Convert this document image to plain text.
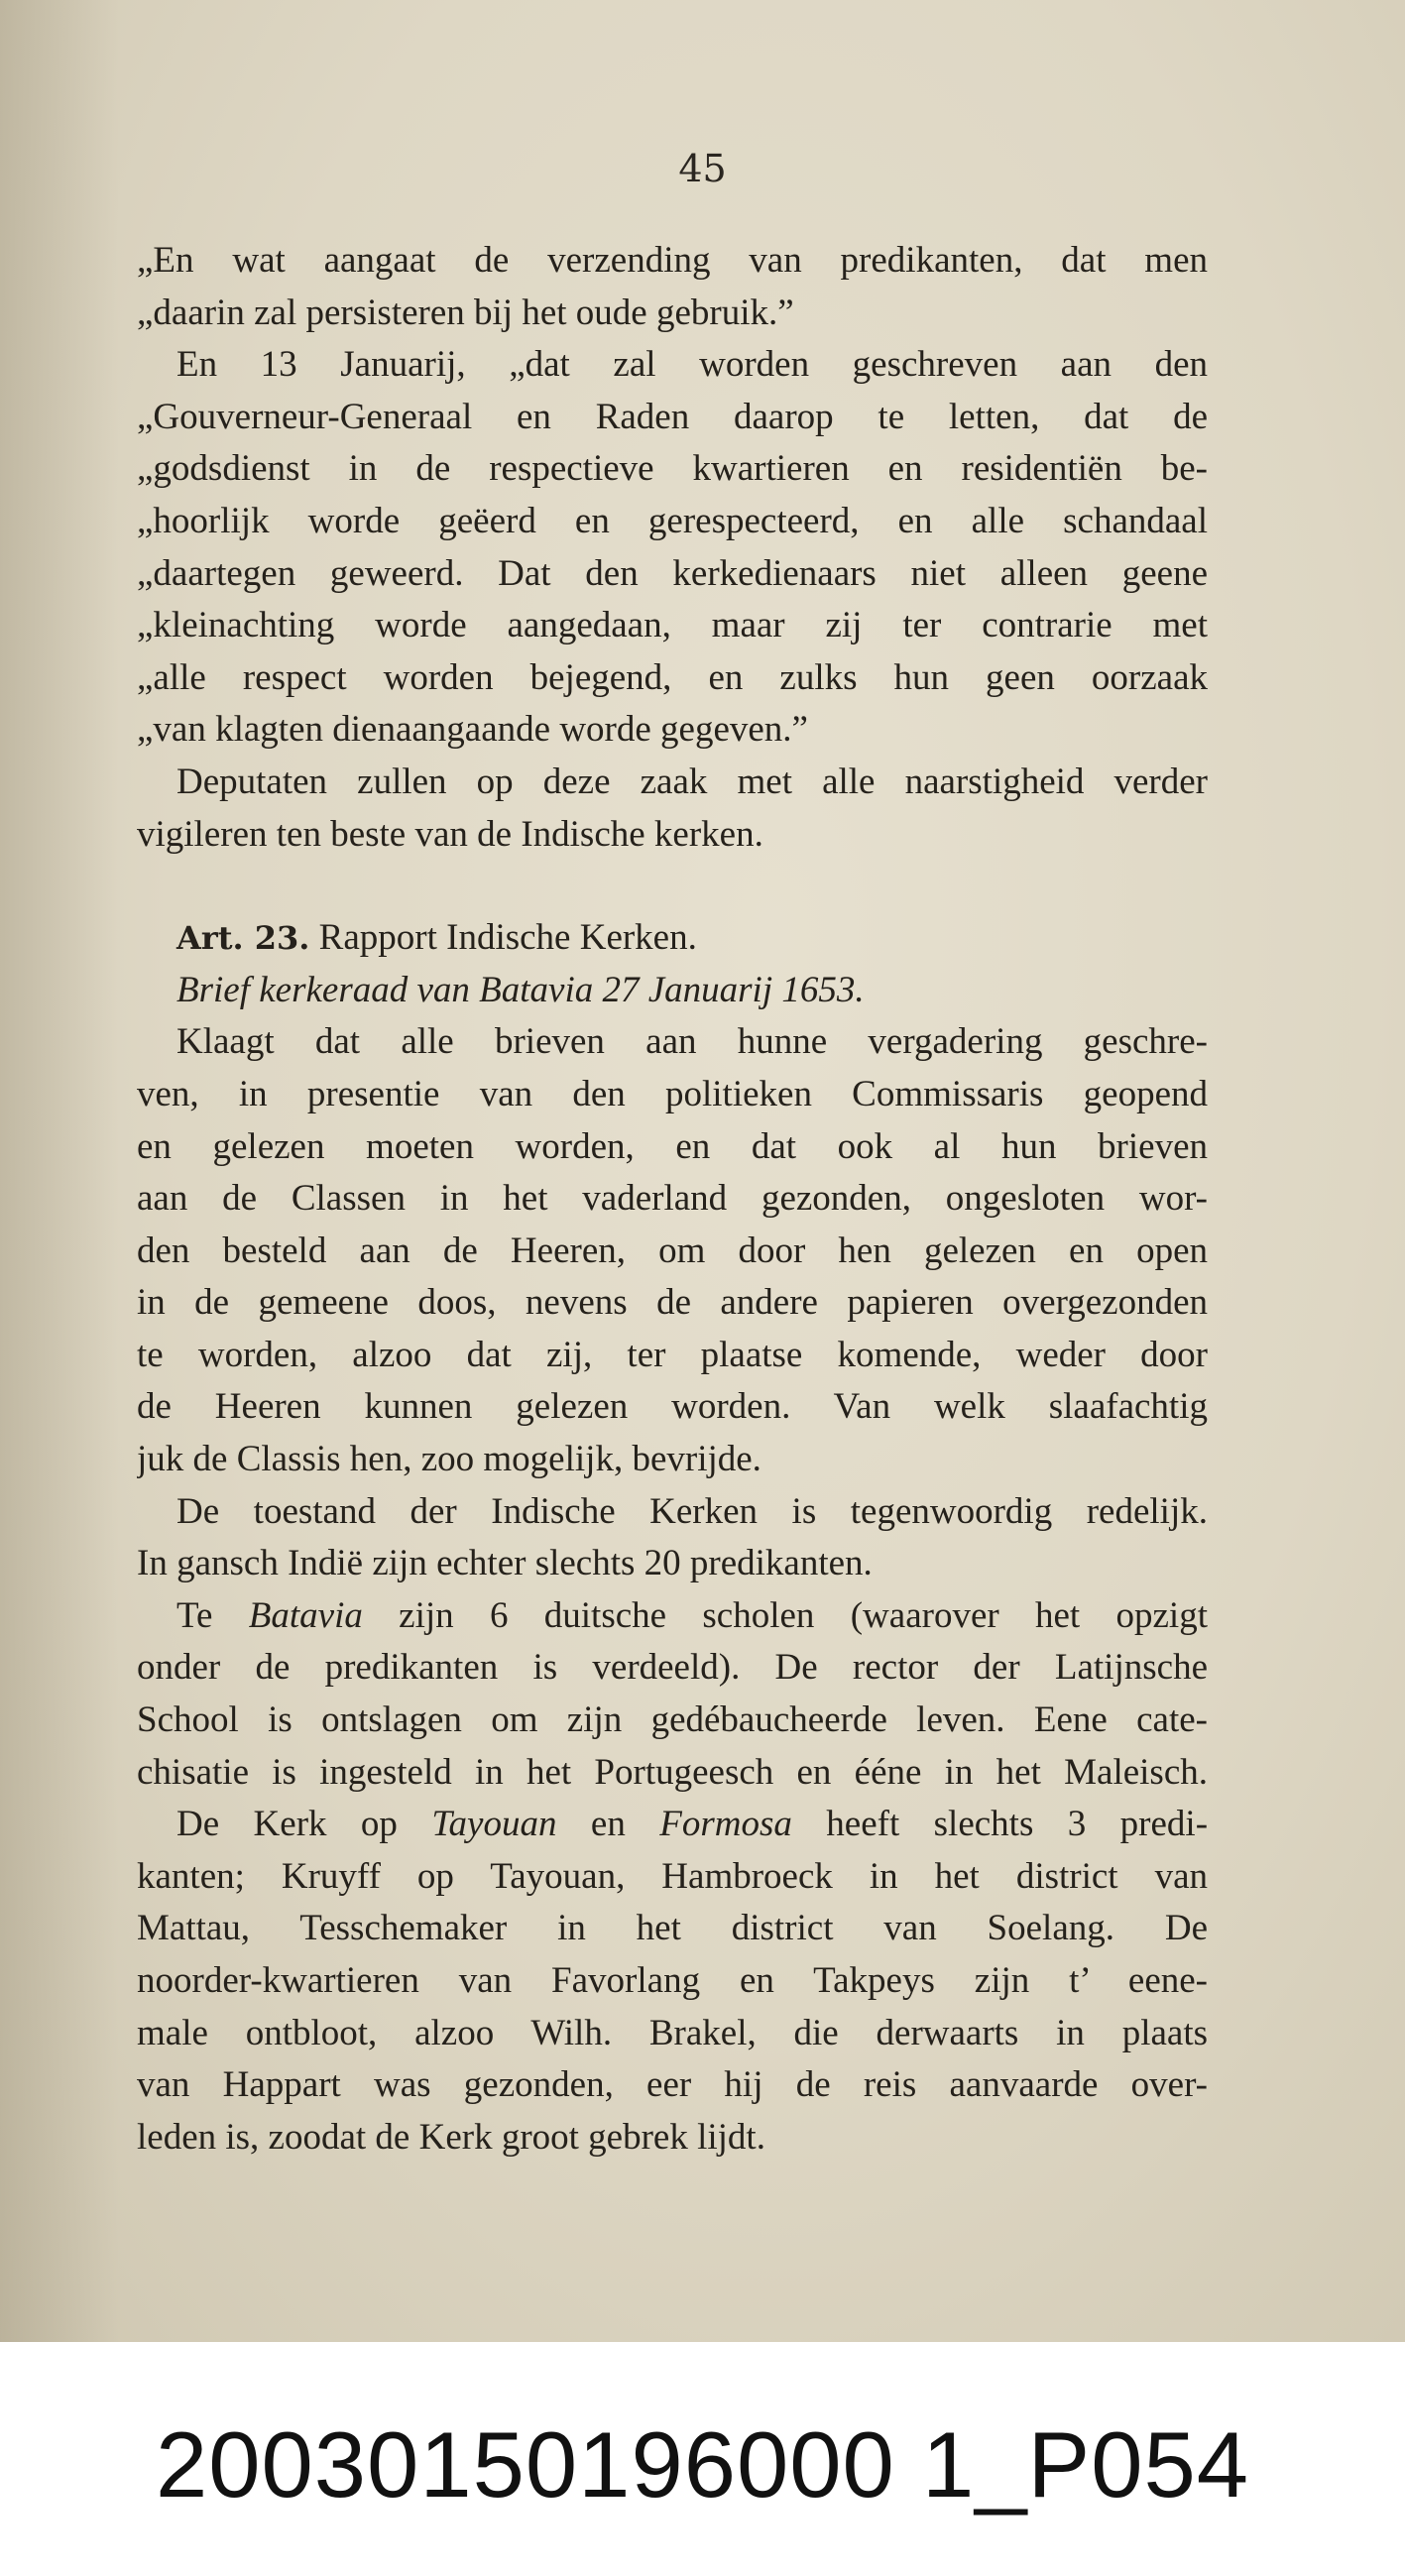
45
„En wat aangaat de verzending van predikanten, dat men
„daarin zal persisteren bij het oude gebruik.”
En 13 Januarij, „dat zal worden geschreven aan den
„Gouverneur-Generaal en Raden daarop te letten, dat de
„godsdienst in de respectieve kwartieren en residentiën be-
„hoorlijk worde geëerd en gerespecteerd, en alle schandaal
„daartegen geweerd. Dat den kerkedienaars niet alleen geene
„kleinachting worde aangedaan, maar zij ter contrarie met
„alle respect worden bejegend, en zulks hun geen oorzaak
„van klagten dienaangaande worde gegeven.”
Deputaten zullen op deze zaak met alle naarstigheid verder
vigileren ten beste van de Indische kerken.
Art. 23. Rapport Indische Kerken.
Brief kerkeraad van Batavia 27 Januarij 1653.
Klaagt dat alle brieven aan hunne vergadering geschre-
ven, in presentie van den politieken Commissaris geopend
en gelezen moeten worden, en dat ook al hun brieven
aan de Classen in het vaderland gezonden, ongesloten wor-
den besteld aan de Heeren, om door hen gelezen en open
in de gemeene doos, nevens de andere papieren overgezonden
te worden, alzoo dat zij, ter plaatse komende, weder door
de Heeren kunnen gelezen worden. Van welk slaafachtig
juk de Classis hen, zoo mogelijk, bevrijde.
De toestand der Indische Kerken is tegenwoordig redelijk.
In gansch Indië zijn echter slechts 20 predikanten.
Te Batavia zijn 6 duitsche scholen (waarover het opzigt
onder de predikanten is verdeeld). De rector der Latijnsche
School is ontslagen om zijn gedébaucheerde leven. Eene cate-
chisatie is ingesteld in het Portugeesch en ééne in het Maleisch.
De Kerk op Tayouan en Formosa heeft slechts 3 predi-
kanten; Kruyff op Tayouan, Hambroeck in het district van
Mattau, Tesschemaker in het district van Soelang. De
noorder-kwartieren van Favorlang en Takpeys zijn t’ eene-
male ontbloot, alzoo Wilh. Brakel, die derwaarts in plaats
van Happart was gezonden, eer hij de reis aanvaarde over-
leden is, zoodat de Kerk groot gebrek lijdt.
20030150196000 1_P054
